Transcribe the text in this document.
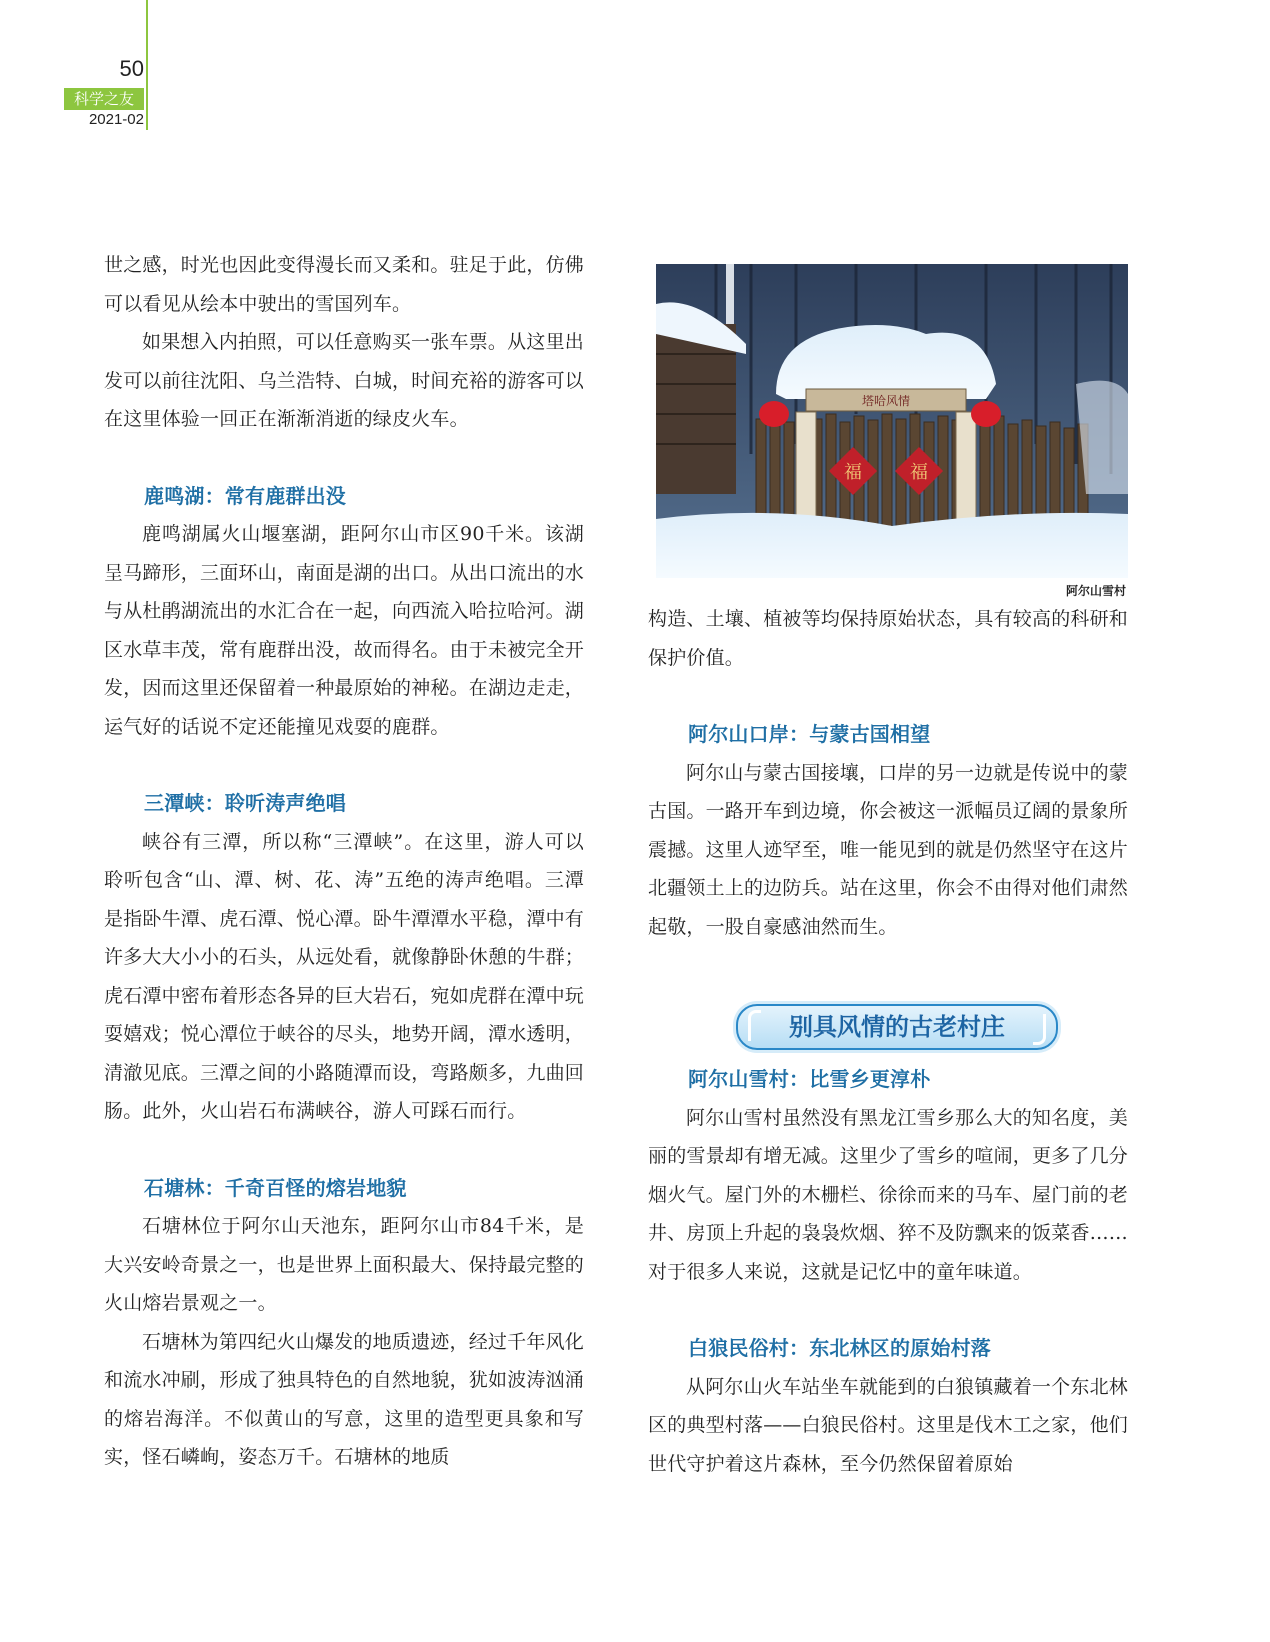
50
科学之友
2021-02

世之感，时光也因此变得漫长而又柔和。驻足于此，仿佛可以看见从绘本中驶出的雪国列车。

如果想入内拍照，可以任意购买一张车票。从这里出发可以前往沈阳、乌兰浩特、白城，时间充裕的游客可以在这里体验一回正在渐渐消逝的绿皮火车。

鹿鸣湖：常有鹿群出没

鹿鸣湖属火山堰塞湖，距阿尔山市区90千米。该湖呈马蹄形，三面环山，南面是湖的出口。从出口流出的水与从杜鹃湖流出的水汇合在一起，向西流入哈拉哈河。湖区水草丰茂，常有鹿群出没，故而得名。由于未被完全开发，因而这里还保留着一种最原始的神秘。在湖边走走，运气好的话说不定还能撞见戏耍的鹿群。

三潭峡：聆听涛声绝唱

峡谷有三潭，所以称“三潭峡”。在这里，游人可以聆听包含“山、潭、树、花、涛”五绝的涛声绝唱。三潭是指卧牛潭、虎石潭、悦心潭。卧牛潭潭水平稳，潭中有许多大大小小的石头，从远处看，就像静卧休憩的牛群；虎石潭中密布着形态各异的巨大岩石，宛如虎群在潭中玩耍嬉戏；悦心潭位于峡谷的尽头，地势开阔，潭水透明，清澈见底。三潭之间的小路随潭而设，弯路颇多，九曲回肠。此外，火山岩石布满峡谷，游人可踩石而行。

石塘林：千奇百怪的熔岩地貌

石塘林位于阿尔山天池东，距阿尔山市84千米，是大兴安岭奇景之一，也是世界上面积最大、保持最完整的火山熔岩景观之一。

石塘林为第四纪火山爆发的地质遗迹，经过千年风化和流水冲刷，形成了独具特色的自然地貌，犹如波涛汹涌的熔岩海洋。不似黄山的写意，这里的造型更具象和写实，怪石嶙峋，姿态万千。石塘林的地质

塔哈风情
福	福
阿尔山雪村

构造、土壤、植被等均保持原始状态，具有较高的科研和保护价值。

阿尔山口岸：与蒙古国相望

阿尔山与蒙古国接壤，口岸的另一边就是传说中的蒙古国。一路开车到边境，你会被这一派幅员辽阔的景象所震撼。这里人迹罕至，唯一能见到的就是仍然坚守在这片北疆领土上的边防兵。站在这里，你会不由得对他们肃然起敬，一股自豪感油然而生。

别具风情的古老村庄
阿尔山雪村：比雪乡更淳朴

阿尔山雪村虽然没有黑龙江雪乡那么大的知名度，美丽的雪景却有增无减。这里少了雪乡的喧闹，更多了几分烟火气。屋门外的木栅栏、徐徐而来的马车、屋门前的老井、房顶上升起的袅袅炊烟、猝不及防飘来的饭菜香……对于很多人来说，这就是记忆中的童年味道。

白狼民俗村：东北林区的原始村落

从阿尔山火车站坐车就能到的白狼镇藏着一个东北林区的典型村落——白狼民俗村。这里是伐木工之家，他们世代守护着这片森林，至今仍然保留着原始
